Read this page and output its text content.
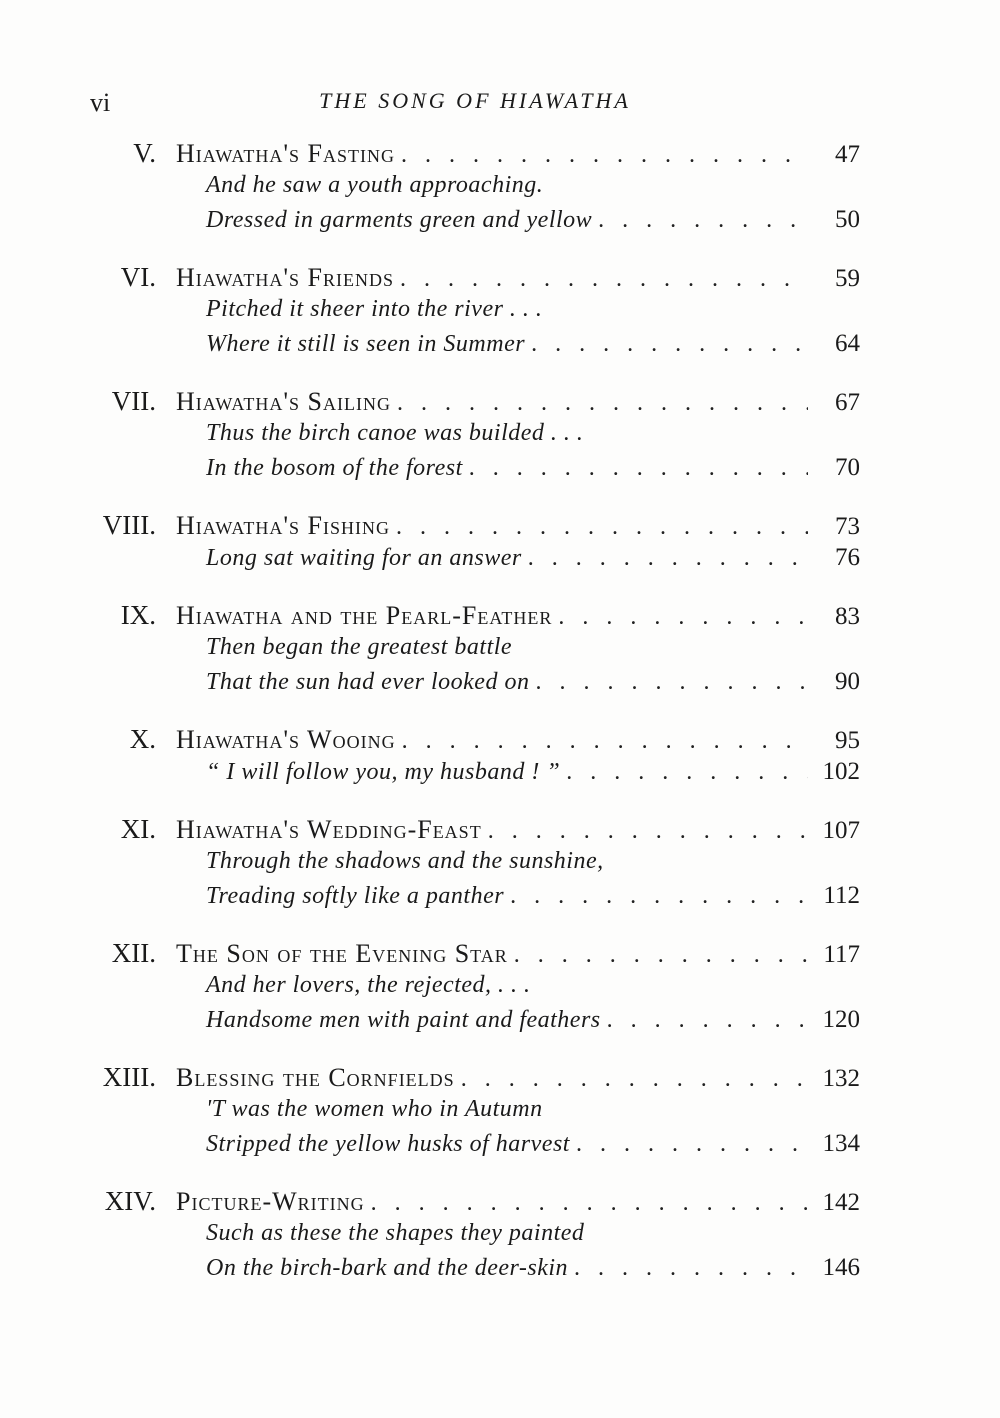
vi	THE SONG OF HIAWATHA
V. Hiawatha's Fasting . . .	47
And he saw a youth approaching.
Dressed in garments green and yellow . . .	50
VI. Hiawatha's Friends . . .	59
Pitched it sheer into the river . . .
Where it still is seen in Summer . . .	64
VII. Hiawatha's Sailing . . .	67
Thus the birch canoe was builded . . .
In the bosom of the forest . . .	70
VIII. Hiawatha's Fishing . . .	73
Long sat waiting for an answer . . .	76
IX. Hiawatha and the Pearl-Feather . . .	83
Then began the greatest battle
That the sun had ever looked on . . .	90
X. Hiawatha's Wooing . . .	95
“ I will follow you, my husband ! ” . . .	102
XI. Hiawatha's Wedding-Feast . . .	107
Through the shadows and the sunshine,
Treading softly like a panther . . .	112
XII. The Son of the Evening Star . . .	117
And her lovers, the rejected, . . .
Handsome men with paint and feathers . . .	120
XIII. Blessing the Cornfields . . .	132
'T was the women who in Autumn
Stripped the yellow husks of harvest . . .	134
XIV. Picture-Writing . . .	142
Such as these the shapes they painted
On the birch-bark and the deer-skin . . .	146
